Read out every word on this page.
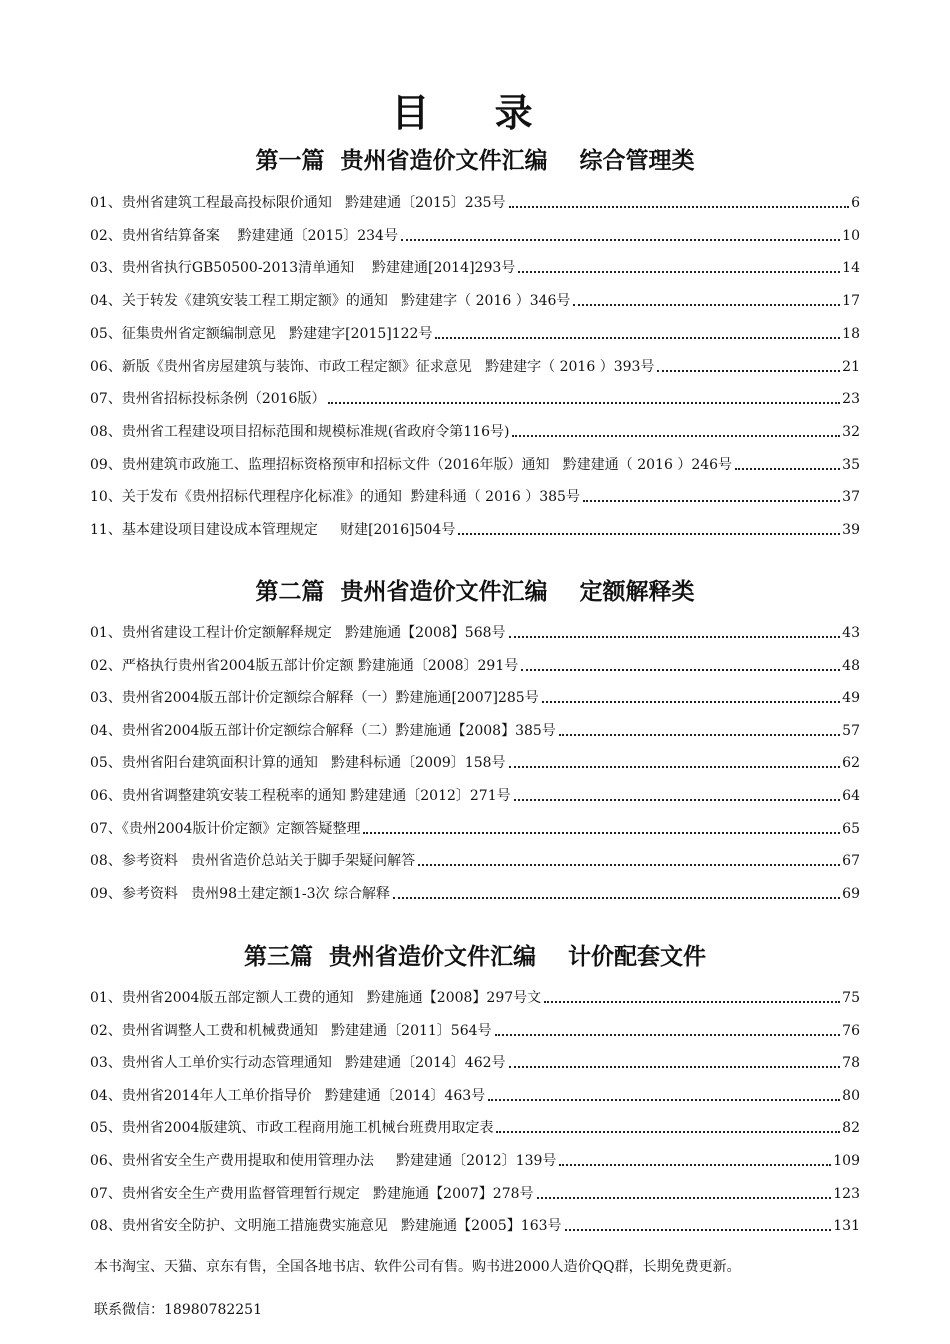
目 录
第一篇  贵州省造价文件汇编    综合管理类
01、贵州省建筑工程最高投标限价通知   黔建建通〔2015〕235号	6
02、贵州省结算备案    黔建建通〔2015〕234号	10
03、贵州省执行GB50500-2013清单通知    黔建建通[2014]293号	14
04、关于转发《建筑安装工程工期定额》的通知   黔建建字（ 2016 ）346号	17
05、征集贵州省定额编制意见   黔建建字[2015]122号	18
06、新版《贵州省房屋建筑与装饰、市政工程定额》征求意见   黔建建字（ 2016 ）393号	21
07、贵州省招标投标条例（2016版）	23
08、贵州省工程建设项目招标范围和规模标准规(省政府令第116号)	32
09、贵州建筑市政施工、监理招标资格预审和招标文件（2016年版）通知   黔建建通（ 2016 ）246号	35
10、关于发布《贵州招标代理程序化标准》的通知  黔建科通（ 2016 ）385号	37
11、基本建设项目建设成本管理规定     财建[2016]504号	39
第二篇  贵州省造价文件汇编    定额解释类
01、贵州省建设工程计价定额解释规定   黔建施通【2008】568号	43
02、严格执行贵州省2004版五部计价定额 黔建施通〔2008〕291号	48
03、贵州省2004版五部计价定额综合解释（一）黔建施通[2007]285号	49
04、贵州省2004版五部计价定额综合解释（二）黔建施通【2008】385号	57
05、贵州省阳台建筑面积计算的通知   黔建科标通〔2009〕158号	62
06、贵州省调整建筑安装工程税率的通知 黔建建通〔2012〕271号	64
07、《贵州2004版计价定额》定额答疑整理	65
08、参考资料   贵州省造价总站关于脚手架疑问解答	67
09、参考资料   贵州98土建定额1-3次 综合解释	69
第三篇  贵州省造价文件汇编    计价配套文件
01、贵州省2004版五部定额人工费的通知   黔建施通【2008】297号文	75
02、贵州省调整人工费和机械费通知   黔建建通〔2011〕564号	76
03、贵州省人工单价实行动态管理通知   黔建建通〔2014〕462号	78
04、贵州省2014年人工单价指导价   黔建建通〔2014〕463号	80
05、贵州省2004版建筑、市政工程商用施工机械台班费用取定表	82
06、贵州省安全生产费用提取和使用管理办法     黔建建通〔2012〕139号	109
07、贵州省安全生产费用监督管理暂行规定   黔建施通【2007】278号	123
08、贵州省安全防护、文明施工措施费实施意见   黔建施通【2005】163号	131

本书淘宝、天猫、京东有售，全国各地书店、软件公司有售。购书进2000人造价QQ群，长期免费更新。

联系微信：18980782251
